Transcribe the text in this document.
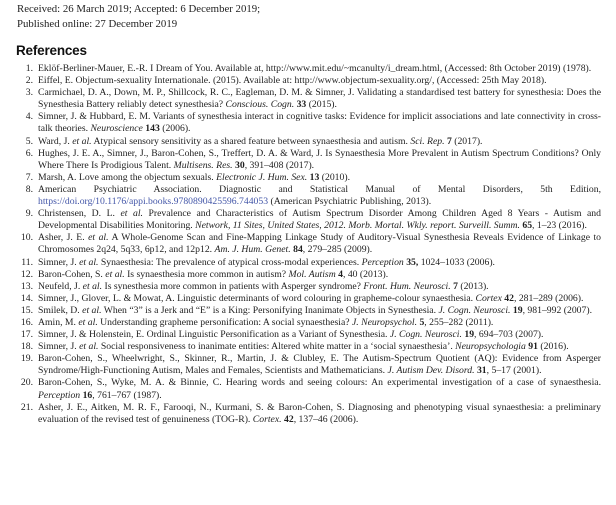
Received: 26 March 2019; Accepted: 6 December 2019;
Published online: 27 December 2019
References
1. Eklöf-Berliner-Mauer, E.-R. I Dream of You. Available at, http://www.mit.edu/~mcanulty/i_dream.html, (Accessed: 8th October 2019) (1978).
2. Eiffel, E. Objectum-sexuality Internationale. (2015). Available at: http://www.objectum-sexuality.org/, (Accessed: 25th May 2018).
3. Carmichael, D. A., Down, M. P., Shillcock, R. C., Eagleman, D. M. & Simner, J. Validating a standardised test battery for synesthesia: Does the Synesthesia Battery reliably detect synesthesia? Conscious. Cogn. 33 (2015).
4. Simner, J. & Hubbard, E. M. Variants of synesthesia interact in cognitive tasks: Evidence for implicit associations and late connectivity in cross-talk theories. Neuroscience 143 (2006).
5. Ward, J. et al. Atypical sensory sensitivity as a shared feature between synaesthesia and autism. Sci. Rep. 7 (2017).
6. Hughes, J. E. A., Simner, J., Baron-Cohen, S., Treffert, D. A. & Ward, J. Is Synaesthesia More Prevalent in Autism Spectrum Conditions? Only Where There Is Prodigious Talent. Multisens. Res. 30, 391–408 (2017).
7. Marsh, A. Love among the objectum sexuals. Electronic J. Hum. Sex. 13 (2010).
8. American Psychiatric Association. Diagnostic and Statistical Manual of Mental Disorders, 5th Edition, https://doi.org/10.1176/appi.books.9780890425596.744053 (American Psychiatric Publishing, 2013).
9. Christensen, D. L. et al. Prevalence and Characteristics of Autism Spectrum Disorder Among Children Aged 8 Years - Autism and Developmental Disabilities Monitoring. Network, 11 Sites, United States, 2012. Morb. Mortal. Wkly. report. Surveill. Summ. 65, 1–23 (2016).
10. Asher, J. E. et al. A Whole-Genome Scan and Fine-Mapping Linkage Study of Auditory-Visual Synesthesia Reveals Evidence of Linkage to Chromosomes 2q24, 5q33, 6p12, and 12p12. Am. J. Hum. Genet. 84, 279–285 (2009).
11. Simner, J. et al. Synaesthesia: The prevalence of atypical cross-modal experiences. Perception 35, 1024–1033 (2006).
12. Baron-Cohen, S. et al. Is synaesthesia more common in autism? Mol. Autism 4, 40 (2013).
13. Neufeld, J. et al. Is synesthesia more common in patients with Asperger syndrome? Front. Hum. Neurosci. 7 (2013).
14. Simner, J., Glover, L. & Mowat, A. Linguistic determinants of word colouring in grapheme-colour synaesthesia. Cortex 42, 281–289 (2006).
15. Smilek, D. et al. When “3” is a Jerk and “E” is a King: Personifying Inanimate Objects in Synesthesia. J. Cogn. Neurosci. 19, 981–992 (2007).
16. Amin, M. et al. Understanding grapheme personification: A social synaesthesia? J. Neuropsychol. 5, 255–282 (2011).
17. Simner, J. & Holenstein, E. Ordinal Linguistic Personification as a Variant of Synesthesia. J. Cogn. Neurosci. 19, 694–703 (2007).
18. Simner, J. et al. Social responsiveness to inanimate entities: Altered white matter in a ‘social synaesthesia’. Neuropsychologia 91 (2016).
19. Baron-Cohen, S., Wheelwright, S., Skinner, R., Martin, J. & Clubley, E. The Autism-Spectrum Quotient (AQ): Evidence from Asperger Syndrome/High-Functioning Autism, Males and Females, Scientists and Mathematicians. J. Autism Dev. Disord. 31, 5–17 (2001).
20. Baron-Cohen, S., Wyke, M. A. & Binnie, C. Hearing words and seeing colours: An experimental investigation of a case of synaesthesia. Perception 16, 761–767 (1987).
21. Asher, J. E., Aitken, M. R. F., Farooqi, N., Kurmani, S. & Baron-Cohen, S. Diagnosing and phenotyping visual synaesthesia: a preliminary evaluation of the revised test of genuineness (TOG-R). Cortex. 42, 137–46 (2006).
